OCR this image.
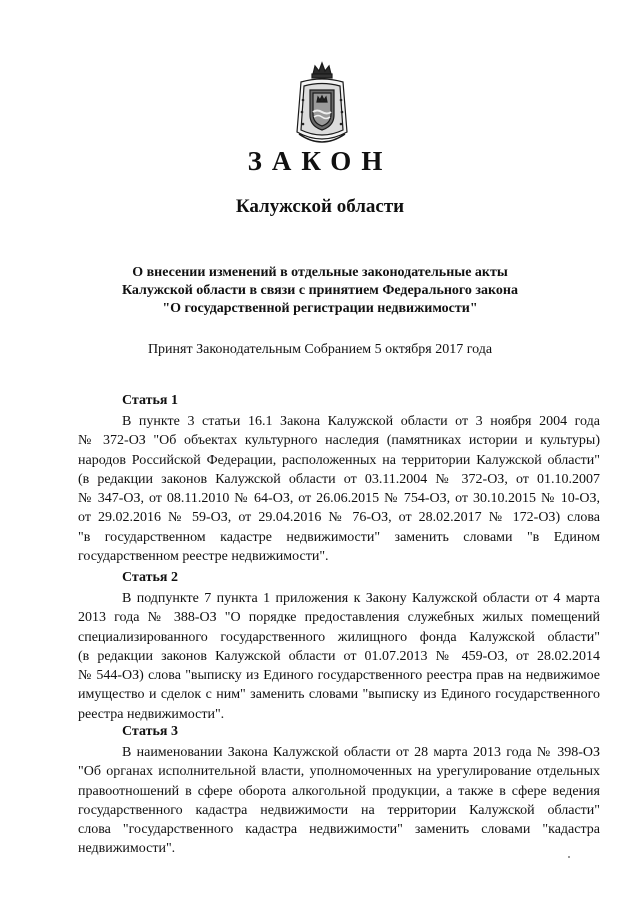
ЗАКОН
Калужской области
О внесении изменений в отдельные законодательные акты
Калужской области в связи с принятием Федерального закона
"О государственной регистрации недвижимости"
Принят Законодательным Собранием 5 октября 2017 года
Статья 1
В пункте 3 статьи 16.1 Закона Калужской области от 3 ноября 2004 года
№ 372-ОЗ "Об объектах культурного наследия (памятниках истории и культуры)
народов Российской Федерации, расположенных на территории Калужской области"
(в редакции законов Калужской области от 03.11.2004 № 372-ОЗ, от 01.10.2007
№ 347-ОЗ, от 08.11.2010 № 64-ОЗ, от 26.06.2015 № 754-ОЗ, от 30.10.2015 № 10-ОЗ,
от 29.02.2016 № 59-ОЗ, от 29.04.2016 № 76-ОЗ, от 28.02.2017 № 172-ОЗ) слова
"в государственном кадастре недвижимости" заменить словами "в Едином
государственном реестре недвижимости".
Статья 2
В подпункте 7 пункта 1 приложения к Закону Калужской области от 4 марта
2013 года № 388-ОЗ "О порядке предоставления служебных жилых помещений
специализированного государственного жилищного фонда Калужской области"
(в редакции законов Калужской области от 01.07.2013 № 459-ОЗ, от 28.02.2014
№ 544-ОЗ) слова "выписку из Единого государственного реестра прав на недвижимое
имущество и сделок с ним" заменить словами "выписку из Единого государственного
реестра недвижимости".
Статья 3
В наименовании Закона Калужской области от 28 марта 2013 года № 398-ОЗ
"Об органах исполнительной власти, уполномоченных на урегулирование отдельных
правоотношений в сфере оборота алкогольной продукции, а также в сфере ведения
государственного кадастра недвижимости на территории Калужской области"
слова "государственного кадастра недвижимости" заменить словами "кадастра
недвижимости".
